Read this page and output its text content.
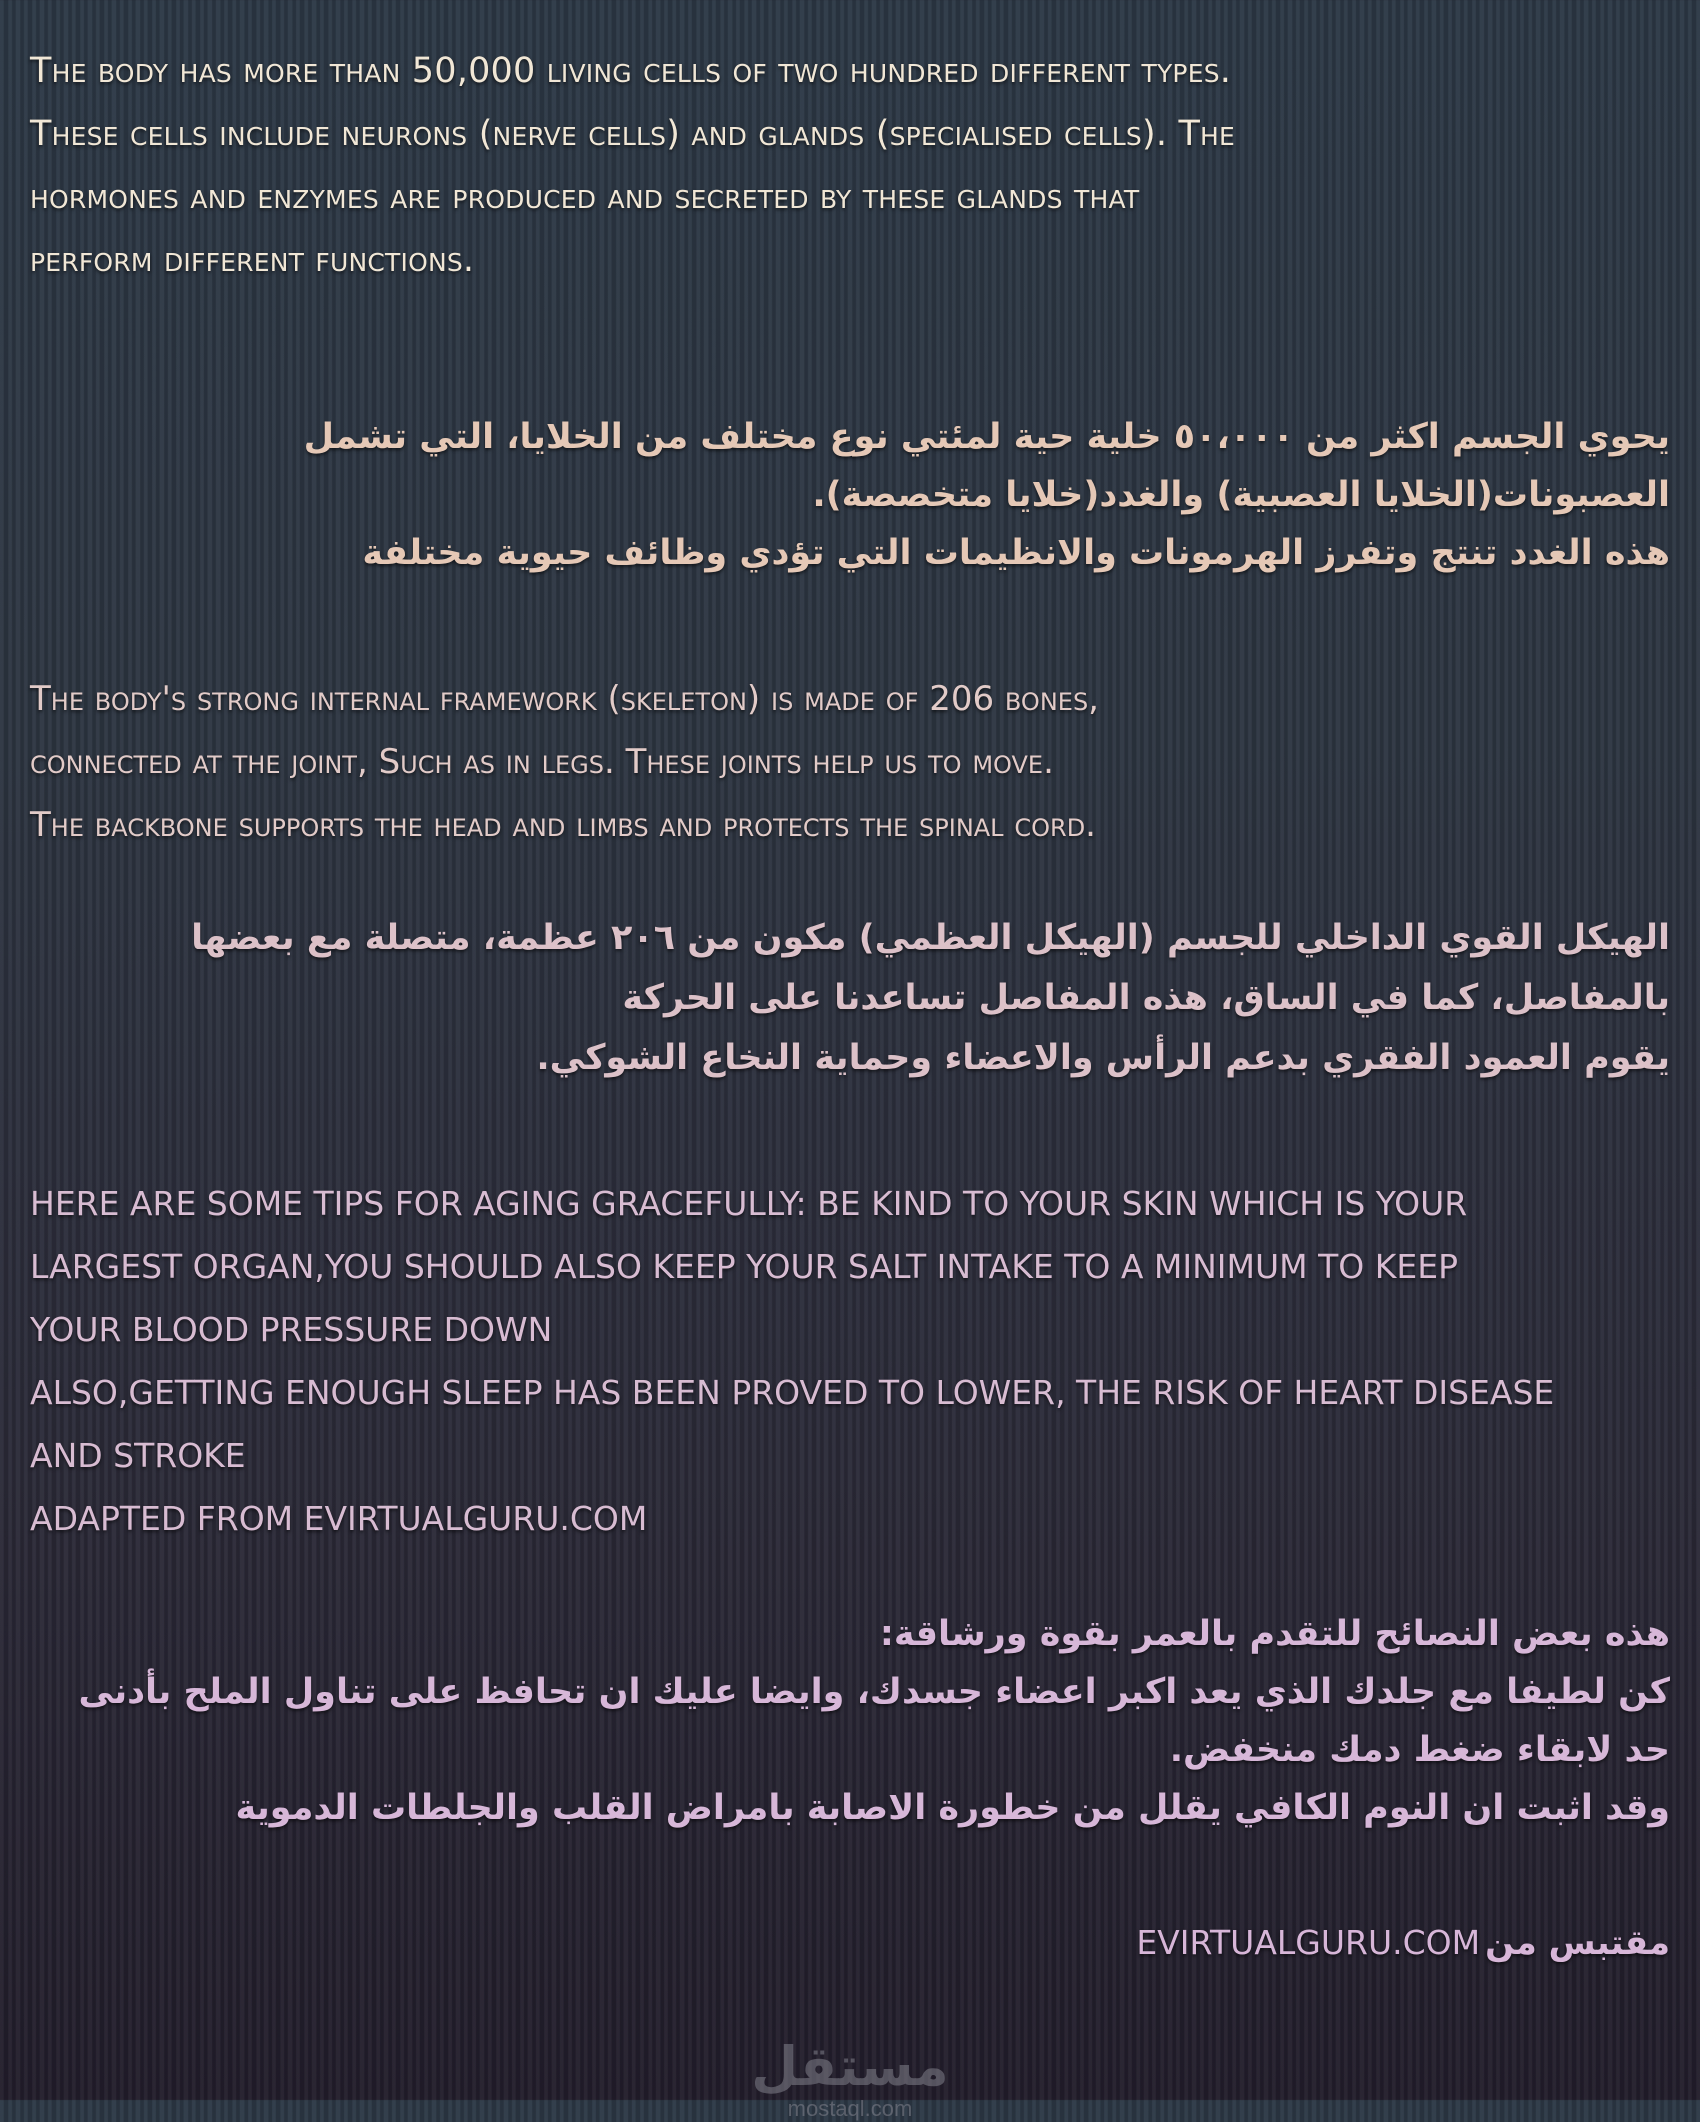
The body has more than 50,000 living cells of two hundred different types.
These cells include neurons (nerve cells) and glands (specialised cells). The
hormones and enzymes are produced and secreted by these glands that
perform different functions.
يحوي الجسم اكثر من ٥٠،٠٠٠ خلية حية لمئتي نوع مختلف من الخلايا، التي تشمل
العصبونات(الخلايا العصبية) والغدد(خلايا متخصصة).
هذه الغدد تنتج وتفرز الهرمونات والانظيمات التي تؤدي وظائف حيوية مختلفة
The body's strong internal framework (skeleton) is made of 206 bones,
connected at the joint, Such as in legs. These joints help us to move.
The backbone supports the head and limbs and protects the spinal cord.
الهيكل القوي الداخلي للجسم (الهيكل العظمي) مكون من ٢٠٦ عظمة، متصلة مع بعضها
بالمفاصل، كما في الساق، هذه المفاصل تساعدنا على الحركة
يقوم العمود الفقري بدعم الرأس والاعضاء وحماية النخاع الشوكي.
HERE ARE SOME TIPS FOR AGING GRACEFULLY: BE KIND TO YOUR SKIN WHICH IS YOUR
LARGEST ORGAN,YOU SHOULD ALSO KEEP YOUR SALT INTAKE TO A MINIMUM TO KEEP
YOUR BLOOD PRESSURE DOWN
ALSO,GETTING ENOUGH SLEEP HAS BEEN PROVED TO LOWER, THE RISK OF HEART DISEASE
AND STROKE
ADAPTED FROM EVIRTUALGURU.COM
هذه بعض النصائح للتقدم بالعمر بقوة ورشاقة:
كن لطيفا مع جلدك الذي يعد اكبر اعضاء جسدك، وايضا عليك ان تحافظ على تناول الملح بأدنى
حد لابقاء ضغط دمك منخفض.
وقد اثبت ان النوم الكافي يقلل من خطورة الاصابة بامراض القلب والجلطات الدموية
مقتبس من EVIRTUALGURU.COM
مستقل
mostaql.com
